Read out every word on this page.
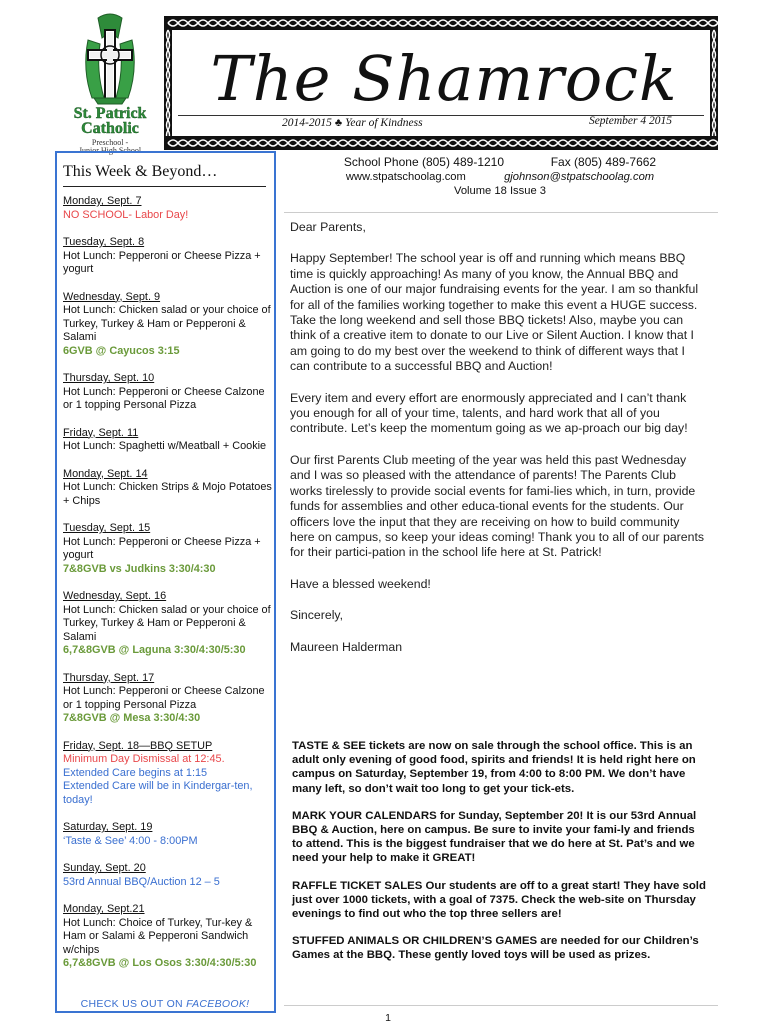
St. Patrick
Catholic
Preschool -
Junior High School
The Shamrock
2014-2015 ♣ Year of Kindness	September 4 2015
This Week & Beyond…
Monday, Sept. 7
NO SCHOOL- Labor Day!
Tuesday, Sept. 8
Hot Lunch: Pepperoni or Cheese Pizza + yogurt
Wednesday, Sept. 9
Hot Lunch: Chicken salad or your choice of Turkey, Turkey & Ham or Pepperoni & Salami
6GVB @ Cayucos 3:15
Thursday, Sept. 10
Hot Lunch: Pepperoni or Cheese Calzone or 1 topping Personal Pizza
Friday, Sept. 11
Hot Lunch: Spaghetti w/Meatball + Cookie
Monday, Sept. 14
Hot Lunch: Chicken Strips & Mojo Potatoes + Chips
Tuesday, Sept. 15
Hot Lunch: Pepperoni or Cheese Pizza + yogurt
7&8GVB vs Judkins 3:30/4:30
Wednesday, Sept. 16
Hot Lunch: Chicken salad or your choice of Turkey, Turkey & Ham or Pepperoni & Salami
6,7&8GVB @ Laguna 3:30/4:30/5:30
Thursday, Sept. 17
Hot Lunch: Pepperoni or Cheese Calzone or 1 topping Personal Pizza
7&8GVB @ Mesa 3:30/4:30
Friday, Sept. 18—BBQ SETUP
Minimum Day Dismissal at 12:45.
Extended Care begins at 1:15
Extended Care will be in Kindergar-ten, today!
Saturday, Sept. 19
‘Taste & See’ 4:00 - 8:00PM
Sunday, Sept. 20
53rd Annual BBQ/Auction 12 – 5
Monday, Sept.21
Hot Lunch: Choice of Turkey, Tur-key & Ham or Salami & Pepperoni Sandwich w/chips
6,7&8GVB @ Los Osos 3:30/4:30/5:30
CHECK US OUT ON FACEBOOK!
School Phone (805) 489-1210	Fax (805) 489-7662
www.stpatschoolag.com	gjohnson@stpatschoolag.com
Volume 18 Issue 3

Dear Parents,

Happy September! The school year is off and running which means BBQ time is quickly approaching! As many of you know, the Annual BBQ and Auction is one of our major fundraising events for the year. I am so thankful for all of the families working together to make this event a HUGE success. Take the long weekend and sell those BBQ tickets! Also, maybe you can think of a creative item to donate to our Live or Silent Auction. I know that I am going to do my best over the weekend to think of different ways that I can contribute to a successful BBQ and Auction!

Every item and every effort are enormously appreciated and I can’t thank you enough for all of your time, talents, and hard work that all of you contribute. Let’s keep the momentum going as we ap-proach our big day!

Our first Parents Club meeting of the year was held this past Wednesday and I was so pleased with the attendance of parents! The Parents Club works tirelessly to provide social events for fami-lies which, in turn, provide funds for assemblies and other educa-tional events for the students. Our officers love the input that they are receiving on how to build community here on campus, so keep your ideas coming! Thank you to all of our parents for their partici-pation in the school life here at St. Patrick!

Have a blessed weekend!

Sincerely,

Maureen Halderman

TASTE & SEE tickets are now on sale through the school office. This is an adult only evening of good food, spirits and friends! It is held right here on campus on Saturday, September 19, from 4:00 to 8:00 PM. We don’t have many left, so don’t wait too long to get your tick-ets.

MARK YOUR CALENDARS for Sunday, September 20! It is our 53rd Annual BBQ & Auction, here on campus. Be sure to invite your fami-ly and friends to attend. This is the biggest fundraiser that we do here at St. Pat’s and we need your help to make it GREAT!

RAFFLE TICKET SALES Our students are off to a great start! They have sold just over 1000 tickets, with a goal of 7375. Check the web-site on Thursday evenings to find out who the top three sellers are!

STUFFED ANIMALS OR CHILDREN’S GAMES are needed for our Children’s Games at the BBQ. These gently loved toys will be used as prizes.

1
